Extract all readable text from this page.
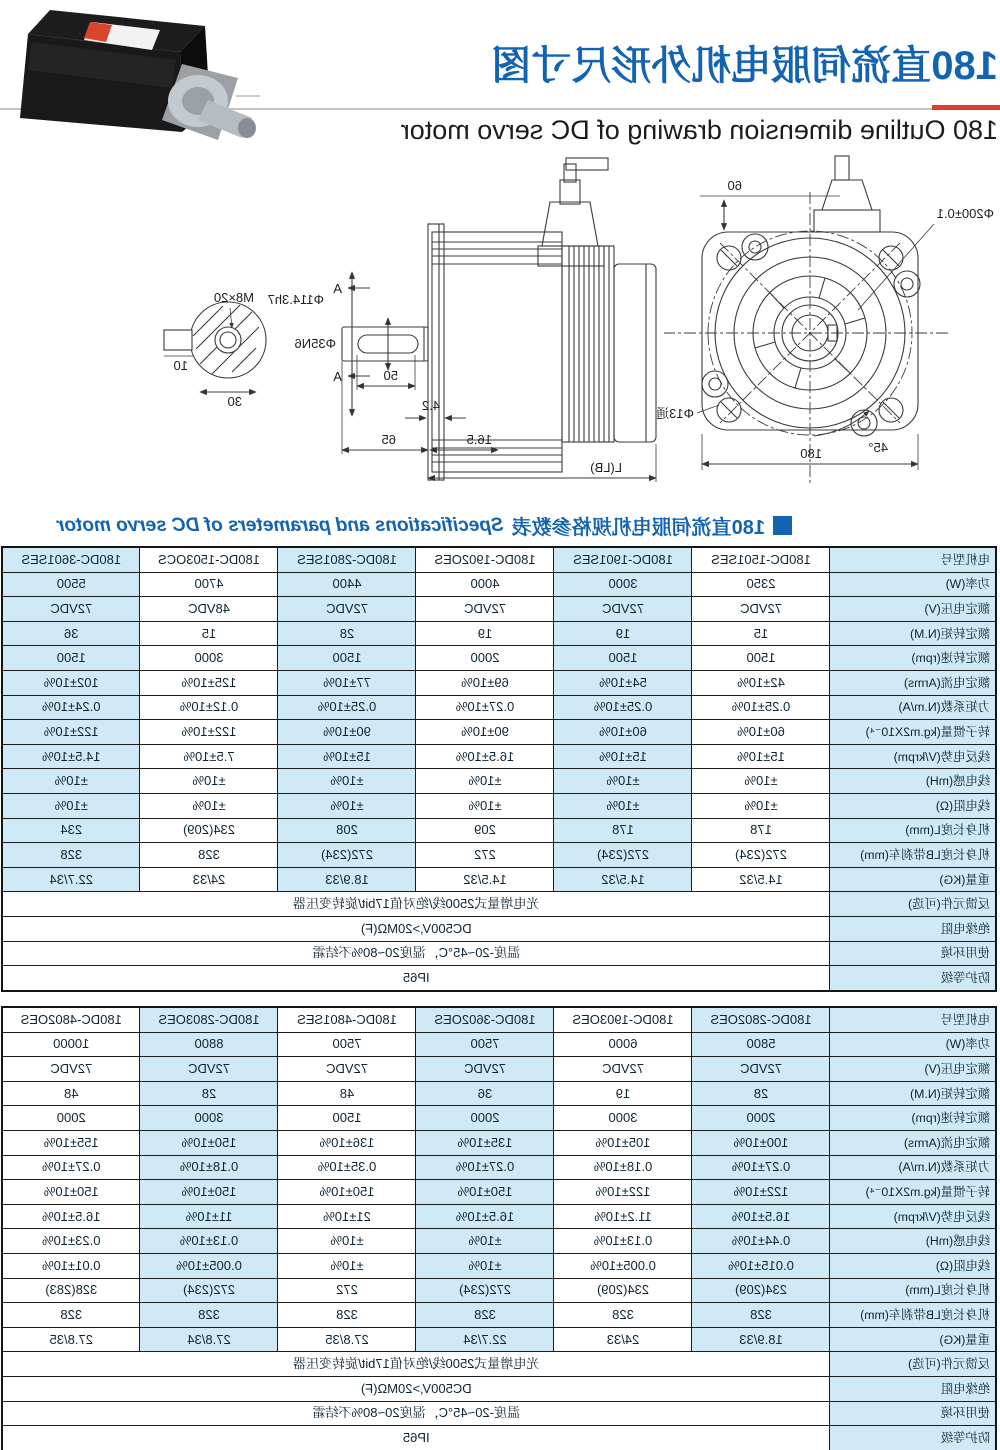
180直流伺服电机外形尺寸图
180 Outline dimension drawing of DC servo motor
60
Φ200±0.1
Φ13通
180	45°
A
A
Φ114.3h7
Φ35N6
50
4.2
65	16.5
L(LB)
M8×20
30
10
180直流伺服电机规格参数表
Specifications and parameters of DC servo motor
电机型号	180DC-1501SES	180DC-1901SES	180DC-1902OES	180DC-2801SES	180DC-1503OCS	180DC-3601SES
功率(W)	2350	3000	4000	4400	4700	5500
额定电压(V)	72VDC	72VDC	72VDC	72VDC	48VDC	72VDC
额定转矩(N.M)	15	19	19	28	15	36
额定转速(rpm)	1500	1500	2000	1500	3000	1500
额定电流(Arms)	42±10%	54±10%	69±10%	77±10%	125±10%	102±10%
力矩系数(N.m/A)	0.25±10%	0.25±10%	0.27±10%	0.25±10%	0.12±10%	0.24±10%
转子惯量(kg.m2X10⁻⁴)	60±10%	60±10%	90±10%	90±10%	122±10%	122±10%
线反电势(V/krpm)	15±10%	15±10%	16.5±10%	15±10%	7.5±10%	14.5±10%
线电感(mH)	±10%	±10%	±10%	±10%	±10%	±10%
线电阻(Ω)	±10%	±10%	±10%	±10%	±10%	±10%
机身长度L(mm)	178	178	209	208	234(209)	234
机身长度LB带刹车(mm)	272(234)	272(234)	272	272(234)	328	328
重量(KG)	14.5/32	14.5/32	14.5/32	18.9/33	24/33	22.7/34
反馈元件(可选)	光电增量式2500线/绝对值17bit/旋转变压器					
绝缘电阻	DC500V,>20MΩ(F)					
使用环境	温度-20~45°C，湿度20~80%不结霜					
防护等级	IP65					
电机型号	180DC-2802OES	180DC-1903OES	180DC-3602OES	180DC-4801SES	180DC-2803OES	180DC-4802OES
功率(W)	5800	6000	7500	7500	8800	10000
额定电压(V)	72VDC	72VDC	72VDC	72VDC	72VDC	72VDC
额定转矩(N.M)	28	19	36	48	28	48
额定转速(rpm)	2000	3000	2000	1500	3000	2000
额定电流(Arms)	100±10%	105±10%	135±10%	136±10%	150±10%	155±10%
力矩系数(N.m/A)	0.27±10%	0.18±10%	0.27±10%	0.35±10%	0.18±10%	0.27±10%
转子惯量(kg.m2X10⁻⁴)	122±10%	122±10%	150±10%	150±10%	150±10%	150±10%
线反电势(V/krpm)	16.5±10%	11.2±10%	16.5±10%	21±10%	11±10%	16.5±10%
线电感(mH)	0.44±10%	0.13±10%	±10%	±10%	0.13±10%	0.23±10%
线电阻(Ω)	0.015±10%	0.005±10%	±10%	±10%	0.005±10%	0.01±10%
机身长度L(mm)	234(209)	234(209)	272(234)	272	272(234)	328(283)
机身长度LB带刹车(mm)	328	328	328	328	328	328
重量(KG)	18.9/33	24/33	22.7/34	27.8/35	27.8/34	27.8/35
反馈元件(可选)	光电增量式2500线/绝对值17bit/旋转变压器					
绝缘电阻	DC500V,>20MΩ(F)					
使用环境	温度-20~45°C，湿度20~80%不结霜					
防护等级	IP65					
